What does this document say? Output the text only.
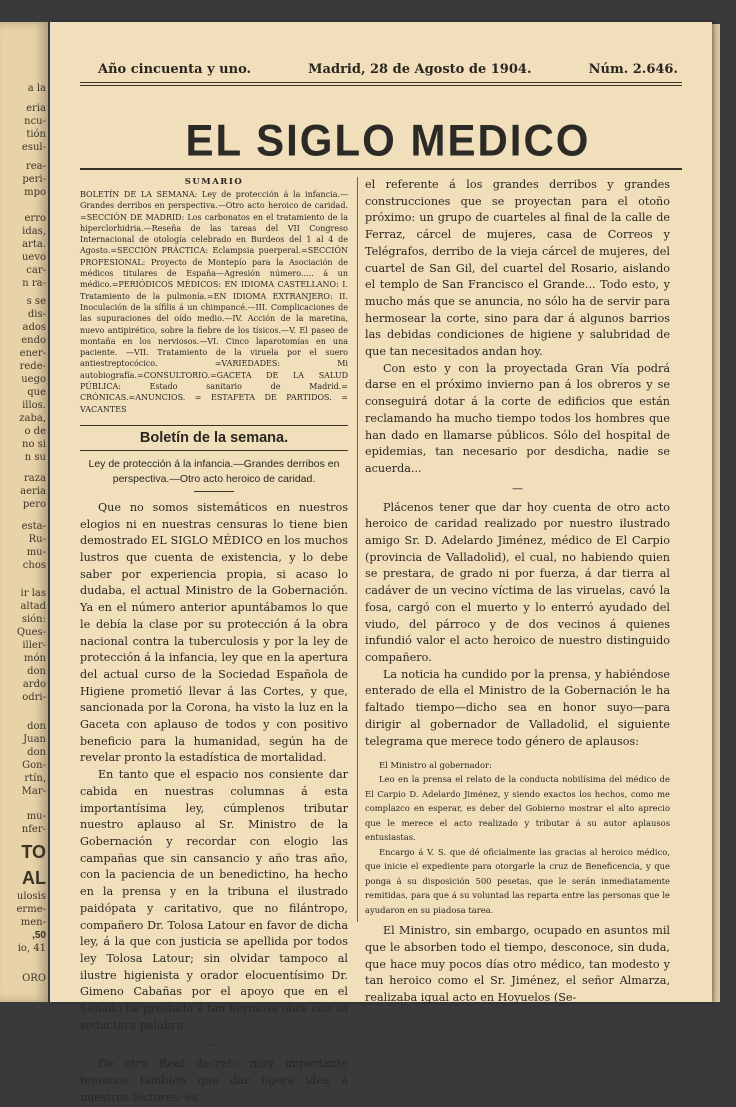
a la
eria
ncu-
tión
esul-
rea-
peri-
mpo
erro
idas,
arta.
uevo
car-
n ra-
s se
dis-
ados
endo
ener-
rede-
uego
que
illos.
zaba,
o de
no si
n su
raza
aeria
pero
esta-
Ru-
mu-
chos
ir las
altad
sión:
Ques-
iller-
món
don
ardo
odri-
don
Juan
don
Gon-
rtín,
Mar-
mu-
nfer-
TO
AL
ulosis
erme-
men-
,50
io, 41
ORO
Año cincuenta y uno.	Madrid, 28 de Agosto de 1904.	Núm. 2.646.
EL SIGLO MEDICO
SUMARIO
BOLETÍN DE LA SEMANA: Ley de protección á la infancia.— Grandes derribos en perspectiva.—Otro acto heroico de caridad. =SECCIÓN DE MADRID: Los carbonatos en el tratamiento de la hiperclorhidria.—Reseña de las tareas del VII Congreso Internacional de otología celebrado en Burdeos del 1 al 4 de Agosto.=SECCIÓN PRÁCTICA: Eclampsia puerperal.=SECCIÓN PROFESIONAL: Proyecto de Montepío para la Asociación de médicos titulares de España—Agresión número..... á un médico.=PERIÓDICOS MÉDICOS: EN IDIOMA CASTELLANO: I. Tratamiento de la pulmonía.=EN IDIOMA EXTRANJERO: II. Inoculación de la sífilis á un chimpancé.—III. Complicaciones de las supuraciones del oído medio.—IV. Acción de la maretina, nuevo antipirético, sobre la fiebre de los tísicos.—V. El paseo de montaña en los nerviosos.—VI. Cinco laparotomías en una paciente. —VII. Tratamiento de la viruela por el suero antiestreptocócico. =VARIEDADES: Mi autobiografía.=CONSULTORIO.=GACETA DE LA SALUD PÚBLICA: Estado sanitario de Madrid.= CRÓNICAS.=ANUNCIOS. = ESTAFETA DE PARTIDOS. = VACANTES
Boletín de la semana.
Ley de protección á la infancia.—Grandes derribos en perspectiva.—Otro acto heroico de caridad.

Que no somos sistemáticos en nuestros elogios ni en nuestras censuras lo tiene bien demostrado EL SIGLO MÉDICO en los muchos lustros que cuenta de existencia, y lo debe saber por experiencia propia, si acaso lo dudaba, el actual Ministro de la Gobernación. Ya en el número anterior apuntábamos lo que le debía la clase por su protección á la obra nacional contra la tuberculosis y por la ley de protección á la infancia, ley que en la apertura del actual curso de la Sociedad Española de Higiene prometió llevar á las Cortes, y que, sancionada por la Corona, ha visto la luz en la Gaceta con aplauso de todos y con positivo beneficio para la humanidad, según ha de revelar pronto la estadística de mortalidad.

En tanto que el espacio nos consiente dar cabida en nuestras columnas á esta importantísima ley, cúmplenos tributar nuestro aplauso al Sr. Ministro de la Gobernación y recordar con elogio las campañas que sin cansancio y año tras año, con la paciencia de un benedictino, ha hecho en la prensa y en la tribuna el ilustrado paidópata y caritativo, que no filántropo, compañero Dr. Tolosa Latour en favor de dicha ley, á la que con justicia se apellida por todos ley Tolosa Latour; sin olvidar tampoco al ilustre higienista y orador elocuentísimo Dr. Gimeno Cabañas por el apoyo que en el Senado ha prestado á tan hermosa obra con su seductora palabra.

—

De otro Real decreto muy importante tenemos también que dar ligera idea á nuestros lectores: es

el referente á los grandes derribos y grandes construcciones que se proyectan para el otoño próximo: un grupo de cuarteles al final de la calle de Ferraz, cárcel de mujeres, casa de Correos y Telégrafos, derribo de la vieja cárcel de mujeres, del cuartel de San Gil, del cuartel del Rosario, aislando el templo de San Francisco el Grande... Todo esto, y mucho más que se anuncia, no sólo ha de servir para hermosear la corte, sino para dar á algunos barrios las debidas condiciones de higiene y salubridad de que tan necesitados andan hoy.

Con esto y con la proyectada Gran Vía podrá darse en el próximo invierno pan á los obreros y se conseguirá dotar á la corte de edificios que están reclamando ha mucho tiempo todos los hombres que han dado en llamarse públicos. Sólo del hospital de epidemias, tan necesario por desdicha, nadie se acuerda...

—

Plácenos tener que dar hoy cuenta de otro acto heroico de caridad realizado por nuestro ilustrado amigo Sr. D. Adelardo Jiménez, médico de El Carpio (provincia de Valladolid), el cual, no habiendo quien se prestara, de grado ni por fuerza, á dar tierra al cadáver de un vecino víctima de las viruelas, cavó la fosa, cargó con el muerto y lo enterró ayudado del viudo, del párroco y de dos vecinos á quienes infundió valor el acto heroico de nuestro distinguido compañero.

La noticia ha cundido por la prensa, y habiéndose enterado de ella el Ministro de la Gobernación le ha faltado tiempo—dicho sea en honor suyo—para dirigir al gobernador de Valladolid, el siguiente telegrama que merece todo género de aplausos:

El Ministro al gobernador:

Leo en la prensa el relato de la conducta nobilísima del médico de El Carpio D. Adelardo Jiménez, y siendo exactos los hechos, como me complazco en esperar, es deber del Gobierno mostrar el alto aprecio que le merece el acto realizado y tributar á su autor aplausos entusiastas.

Encargo á V. S. que dé oficialmente las gracias al heroico médico, que inicie el expediente para otorgarle la cruz de Beneficencia, y que ponga á su disposición 500 pesetas, que le serán inmediatamente remitidas, para que á su voluntad las reparta entre las personas que le ayudaron en su piadosa tarea.

El Ministro, sin embargo, ocupado en asuntos mil que le absorben todo el tiempo, desconoce, sin duda, que hace muy pocos días otro médico, tan modesto y tan heroico como el Sr. Jiménez, el señor Almarza, realizaba igual acto en Hoyuelos (Se-
